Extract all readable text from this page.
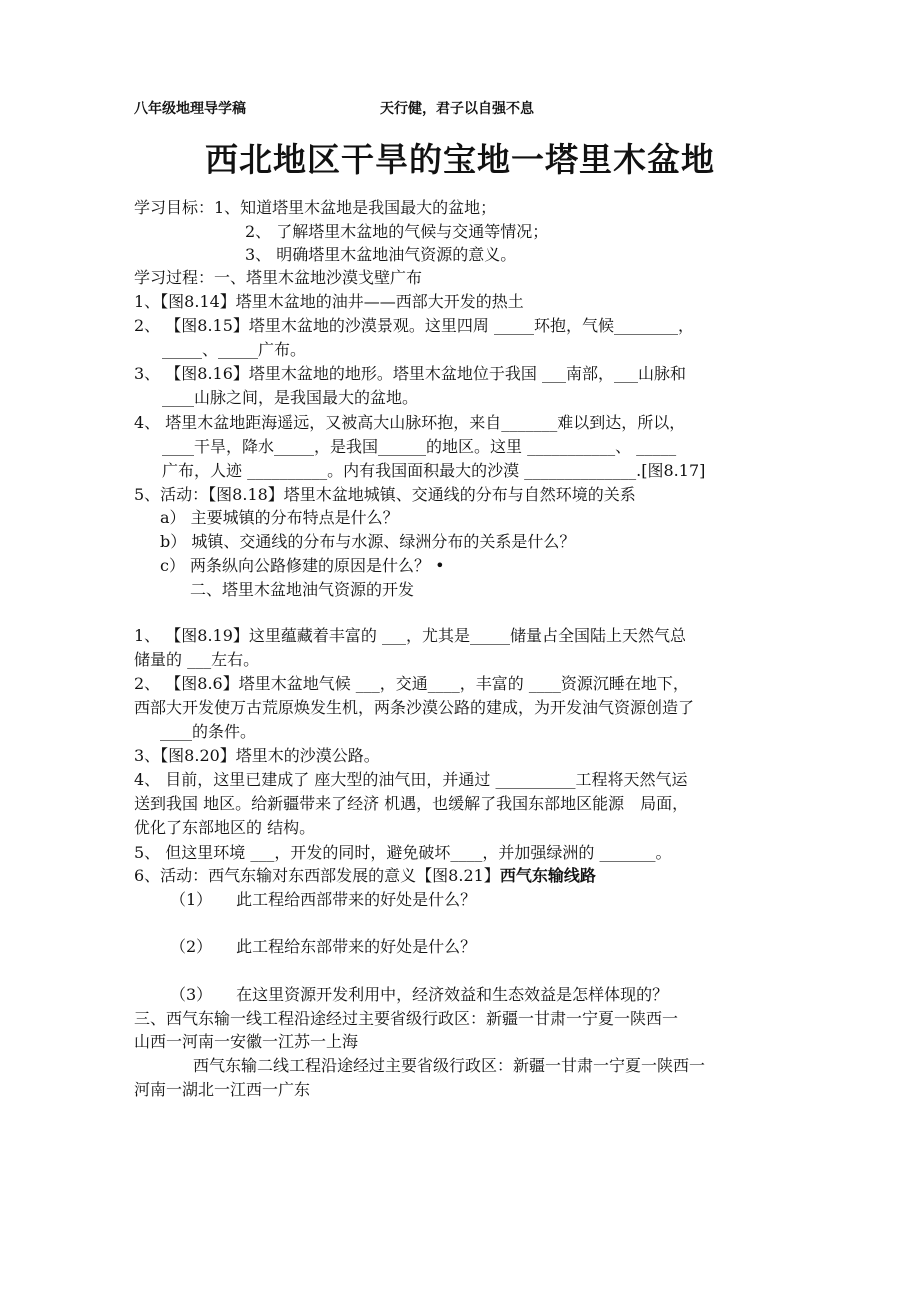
八年级地理导学稿	天行健，君子以自强不息
西北地区干旱的宝地一塔里木盆地
学习目标：1、知道塔里木盆地是我国最大的盆地；
2、 了解塔里木盆地的气候与交通等情况；
3、 明确塔里木盆地油气资源的意义。
学习过程：一、塔里木盆地沙漠戈壁广布
1、【图8.14】塔里木盆地的油井——西部大开发的热土
2、 【图8.15】塔里木盆地的沙漠景观。这里四周 _____环抱，气候________，
_____、_____广布。
3、 【图8.16】塔里木盆地的地形。塔里木盆地位于我国 ___南部，___山脉和
____山脉之间，是我国最大的盆地。
4、 塔里木盆地距海遥远，又被高大山脉环抱，来自_______难以到达，所以，
____干旱，降水_____，是我国______的地区。这里 ___________、 _____
广布，人迹 __________。内有我国面积最大的沙漠 ______________.[图8.17]
5、活动：【图8.18】塔里木盆地城镇、交通线的分布与自然环境的关系
a） 主要城镇的分布特点是什么？
b） 城镇、交通线的分布与水源、绿洲分布的关系是什么？
c） 两条纵向公路修建的原因是什么？ •
二、塔里木盆地油气资源的开发
1、 【图8.19】这里蕴藏着丰富的 ___，尤其是_____储量占全国陆上天然气总
储量的 ___左右。
2、 【图8.6】塔里木盆地气候 ___，交通____，丰富的 ____资源沉睡在地下，
西部大开发使万古荒原焕发生机，两条沙漠公路的建成，为开发油气资源创造了
____的条件。
3、【图8.20】塔里木的沙漠公路。
4、 目前，这里已建成了 座大型的油气田，并通过 __________工程将天然气运
送到我国 地区。给新疆带来了经济 机遇，也缓解了我国东部地区能源　局面，
优化了东部地区的 结构。
5、 但这里环境 ___，开发的同时，避免破坏____，并加强绿洲的 _______。
6、活动：西气东输对东西部发展的意义【图8.21】西气东输线路
（1）　　此工程给西部带来的好处是什么？
（2）　　此工程给东部带来的好处是什么？
（3）　　在这里资源开发利用中，经济效益和生态效益是怎样体现的？
三、西气东输一线工程沿途经过主要省级行政区：新疆一甘肃一宁夏一陕西一
山西一河南一安徽一江苏一上海
西气东输二线工程沿途经过主要省级行政区：新疆一甘肃一宁夏一陕西一
河南一湖北一江西一广东
